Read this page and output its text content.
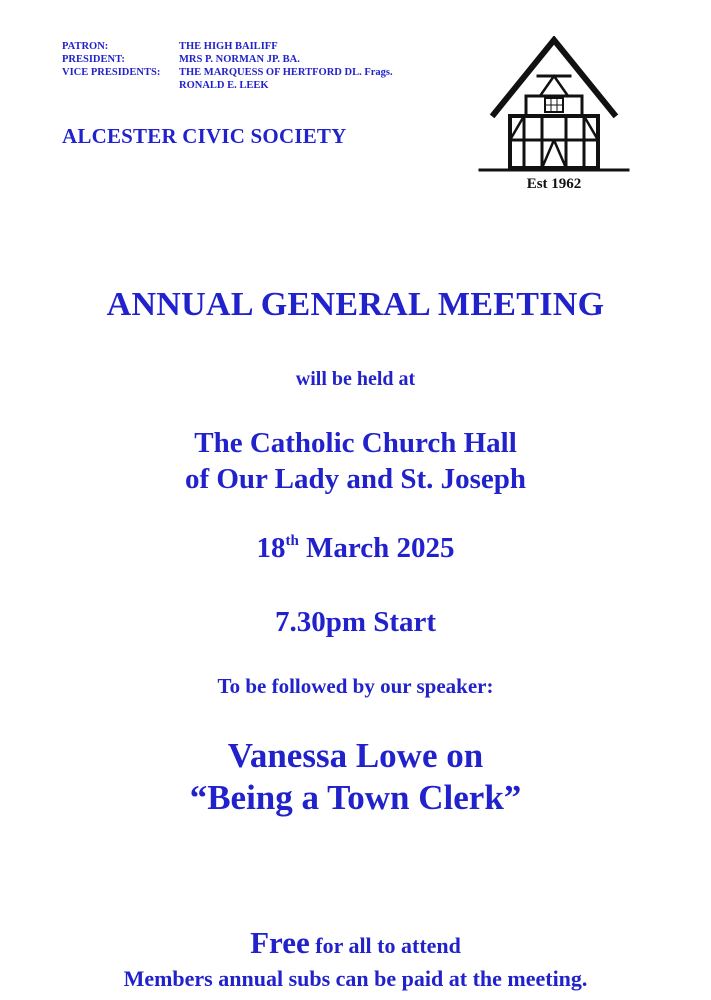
PATRON:	THE HIGH BAILIFF
PRESIDENT:	MRS P. NORMAN JP. BA.
VICE PRESIDENTS:	THE MARQUESS OF HERTFORD DL. Frags.
RONALD E. LEEK
ALCESTER CIVIC SOCIETY
Est 1962
ANNUAL GENERAL MEETING
will be held at
The Catholic Church Hall
of Our Lady and St. Joseph
18th March 2025
7.30pm Start
To be followed by our speaker:
Vanessa Lowe on
“Being a Town Clerk”
Free for all to attend
Members annual subs can be paid at the meeting.
